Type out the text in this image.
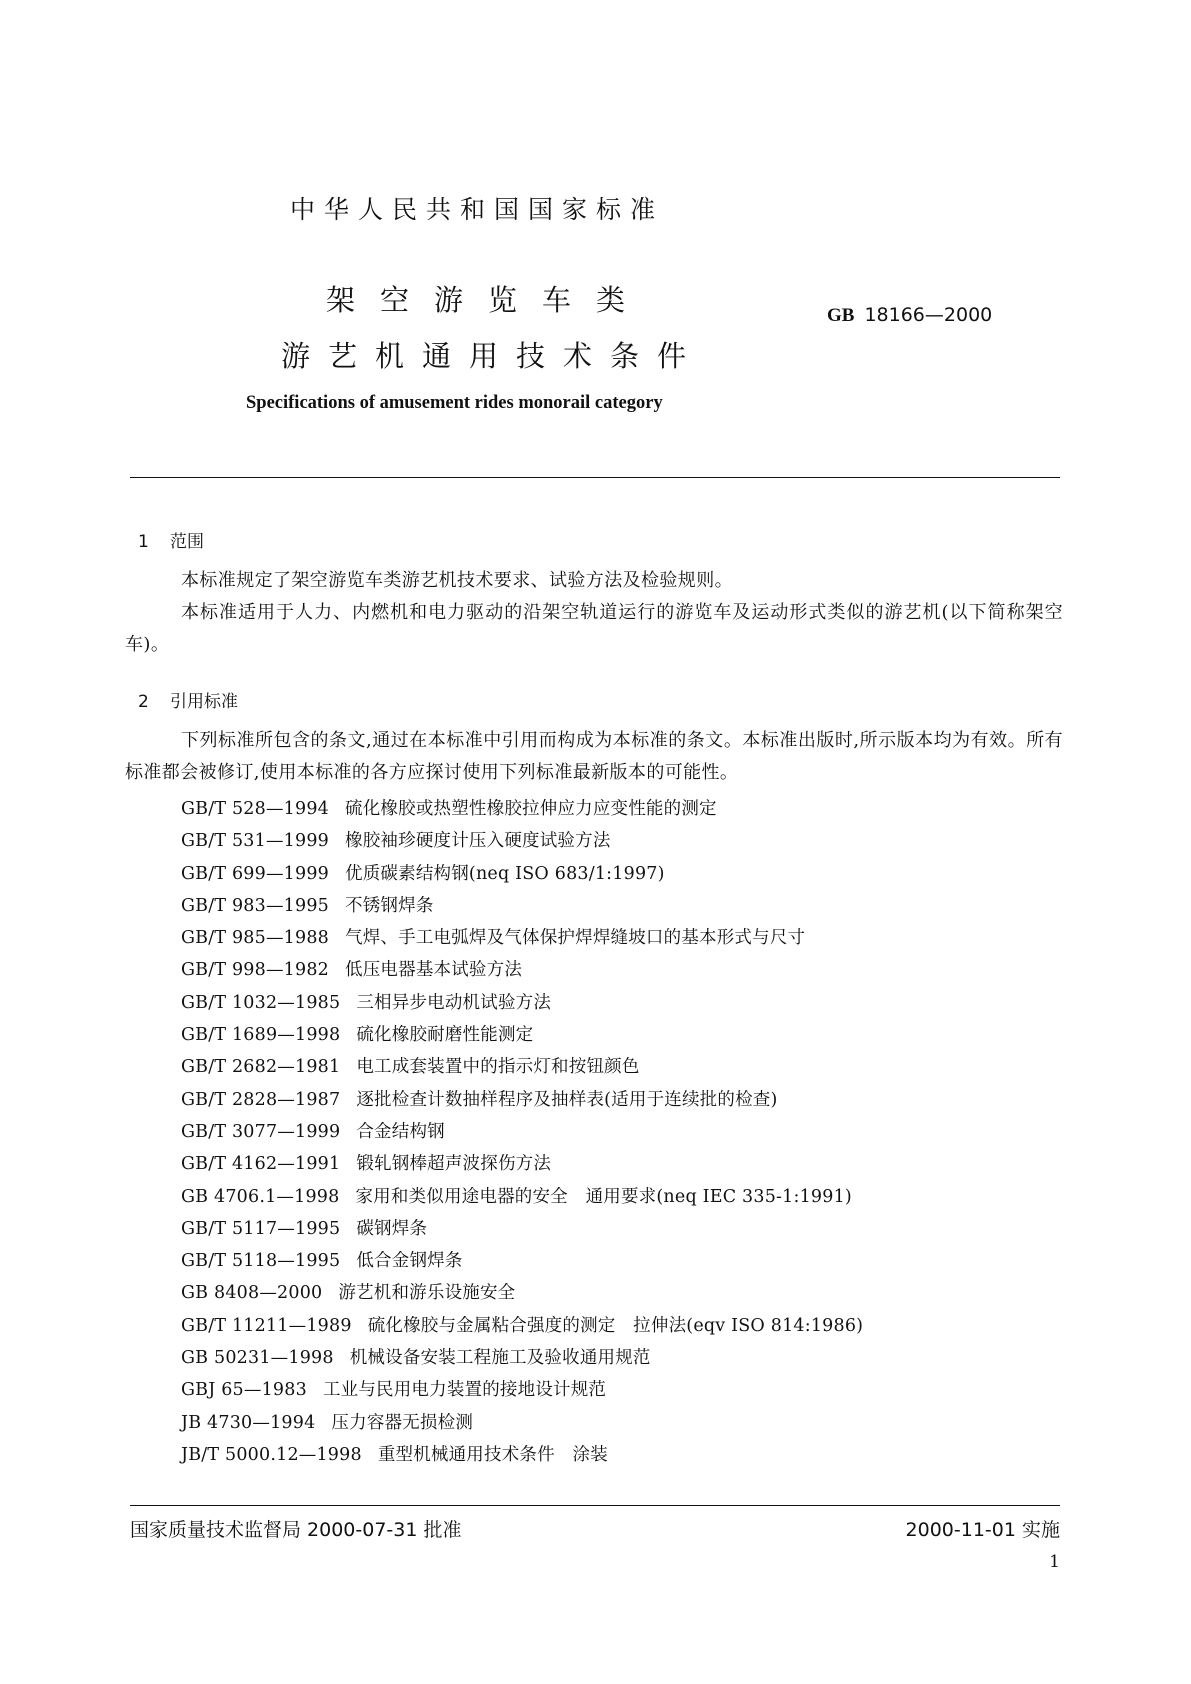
中华人民共和国国家标准
架空游览车类
游艺机通用技术条件
GB 18166—2000
Specifications of amusement rides monorail category
1 范围
本标准规定了架空游览车类游艺机技术要求、试验方法及检验规则。
本标准适用于人力、内燃机和电力驱动的沿架空轨道运行的游览车及运动形式类似的游艺机(以下简称架空车)。
2 引用标准
下列标准所包含的条文,通过在本标准中引用而构成为本标准的条文。本标准出版时,所示版本均为有效。所有标准都会被修订,使用本标准的各方应探讨使用下列标准最新版本的可能性。
GB/T 528—1994 硫化橡胶或热塑性橡胶拉伸应力应变性能的测定
GB/T 531—1999 橡胶袖珍硬度计压入硬度试验方法
GB/T 699—1999 优质碳素结构钢(neq ISO 683/1:1997)
GB/T 983—1995 不锈钢焊条
GB/T 985—1988 气焊、手工电弧焊及气体保护焊焊缝坡口的基本形式与尺寸
GB/T 998—1982 低压电器基本试验方法
GB/T 1032—1985 三相异步电动机试验方法
GB/T 1689—1998 硫化橡胶耐磨性能测定
GB/T 2682—1981 电工成套装置中的指示灯和按钮颜色
GB/T 2828—1987 逐批检查计数抽样程序及抽样表(适用于连续批的检查)
GB/T 3077—1999 合金结构钢
GB/T 4162—1991 锻轧钢棒超声波探伤方法
GB 4706.1—1998 家用和类似用途电器的安全　通用要求(neq IEC 335-1:1991)
GB/T 5117—1995 碳钢焊条
GB/T 5118—1995 低合金钢焊条
GB 8408—2000 游艺机和游乐设施安全
GB/T 11211—1989 硫化橡胶与金属粘合强度的测定　拉伸法(eqv ISO 814:1986)
GB 50231—1998 机械设备安装工程施工及验收通用规范
GBJ 65—1983 工业与民用电力装置的接地设计规范
JB 4730—1994 压力容器无损检测
JB/T 5000.12—1998 重型机械通用技术条件　涂装
国家质量技术监督局 2000-07-31 批准	2000-11-01 实施
1
